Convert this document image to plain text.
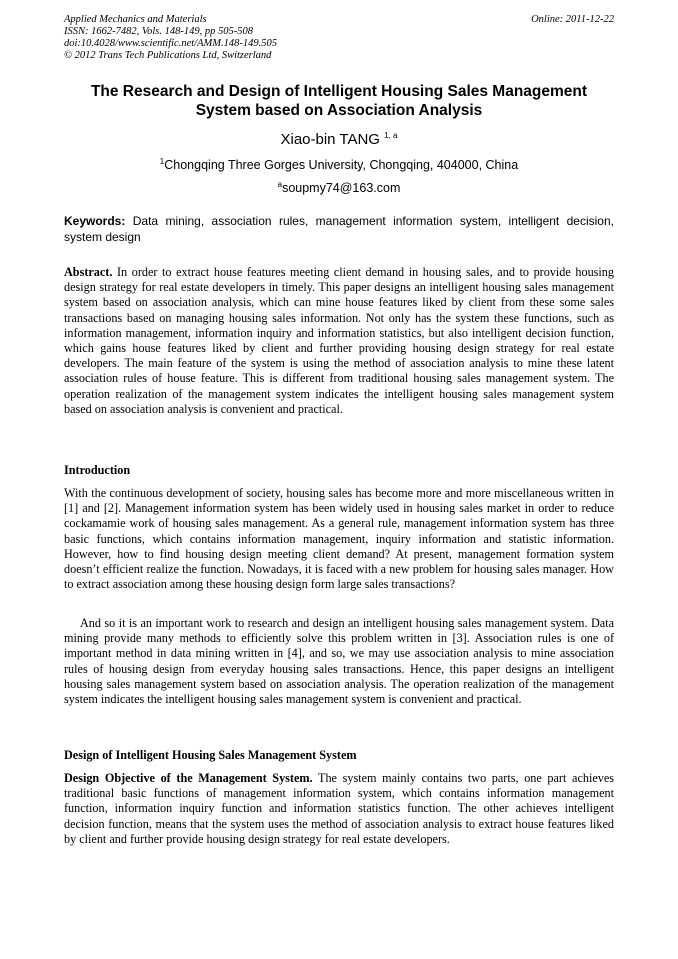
Applied Mechanics and Materials
ISSN: 1662-7482, Vols. 148-149, pp 505-508
doi:10.4028/www.scientific.net/AMM.148-149.505
© 2012 Trans Tech Publications Ltd, Switzerland
Online: 2011-12-22
The Research and Design of Intelligent Housing Sales Management
System based on Association Analysis
Xiao-bin TANG $^{1, a}$
$^1$Chongqing Three Gorges University, Chongqing, 404000, China
$^a$soupmy74@163.com

Keywords: Data mining, association rules, management information system, intelligent decision, system design

Abstract. In order to extract house features meeting client demand in housing sales, and to provide housing design strategy for real estate developers in timely. This paper designs an intelligent housing sales management system based on association analysis, which can mine house features liked by client from these some sales transactions based on managing housing sales information. Not only has the system these functions, such as information management, information inquiry and information statistics, but also intelligent decision function, which gains house features liked by client and further providing housing design strategy for real estate developers. The main feature of the system is using the method of association analysis to mine these latent association rules of house feature. This is different from traditional housing sales management system. The operation realization of the management system indicates the intelligent housing sales management system based on association analysis is convenient and practical.

Introduction

With the continuous development of society, housing sales has become more and more miscellaneous written in [1] and [2]. Management information system has been widely used in housing sales market in order to reduce cockamamie work of housing sales management. As a general rule, management information system has three basic functions, which contains information management, inquiry information and statistic information. However, how to find housing design meeting client demand? At present, management formation system doesn’t efficient realize the function. Nowadays, it is faced with a new problem for housing sales manager. How to extract association among these housing design form large sales transactions?

And so it is an important work to research and design an intelligent housing sales management system. Data mining provide many methods to efficiently solve this problem written in [3]. Association rules is one of important method in data mining written in [4], and so, we may use association analysis to mine association rules of housing design from everyday housing sales transactions. Hence, this paper designs an intelligent housing sales management system based on association analysis. The operation realization of the management system indicates the intelligent housing sales management system is convenient and practical.

Design of Intelligent Housing Sales Management System

Design Objective of the Management System. The system mainly contains two parts, one part achieves traditional basic functions of management information system, which contains information management function, information inquiry function and information statistics function. The other achieves intelligent decision function, means that the system uses the method of association analysis to extract house features liked by client and further provide housing design strategy for real estate developers.
